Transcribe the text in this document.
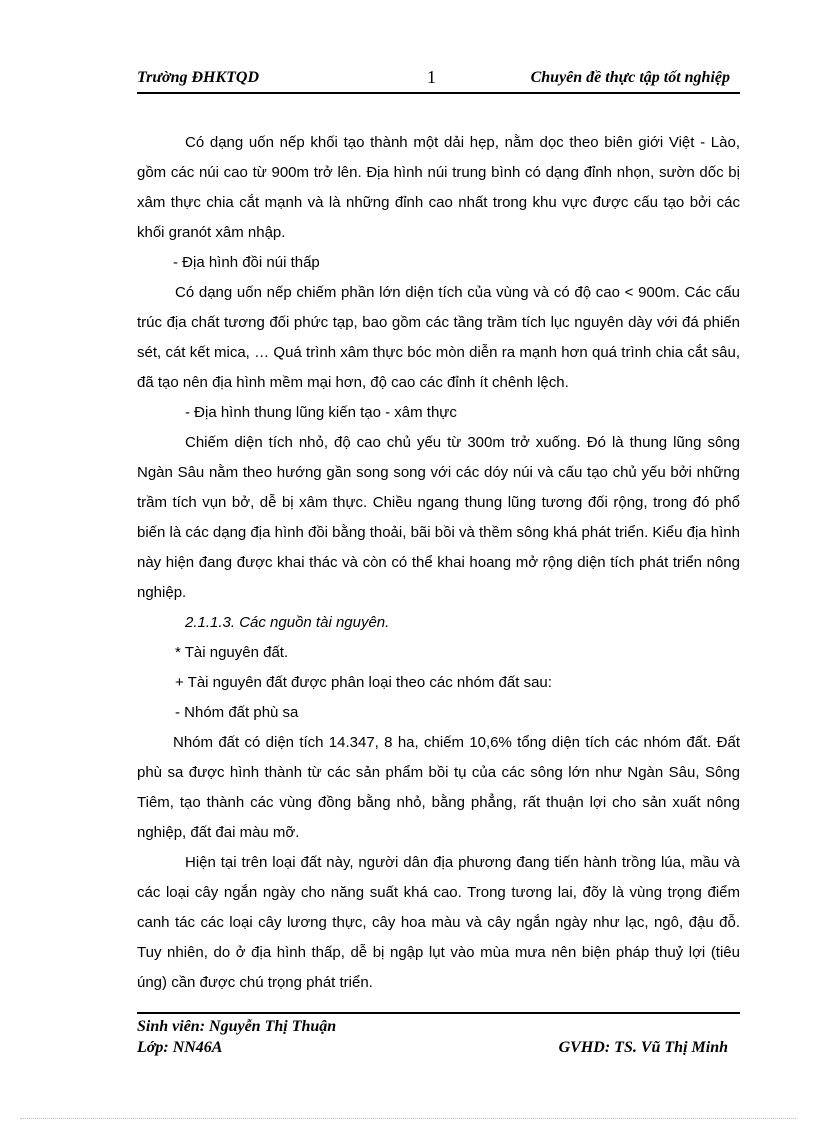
Trường ĐHKTQD	1	Chuyên đề thực tập tốt nghiệp

Có dạng uốn nếp khối tạo thành một dải hẹp, nằm dọc theo biên giới Việt - Lào, gồm các núi cao từ 900m trở lên. Địa hình núi trung bình có dạng đỉnh nhọn, sườn dốc bị xâm thực chia cắt mạnh và là những đỉnh cao nhất trong khu vực được cấu tạo bởi các khối granót xâm nhập.

- Địa hình đồi núi thấp

Có dạng uốn nếp chiếm phần lớn diện tích của vùng và có độ cao < 900m. Các cấu trúc địa chất tương đối phức tạp, bao gồm các tầng trầm tích lục nguyên dày với đá phiến sét, cát kết mica, … Quá trình xâm thực bóc mòn diễn ra mạnh hơn quá trình chia cắt sâu, đã tạo nên địa hình mềm mại hơn, độ cao các đỉnh ít chênh lệch.

- Địa hình thung lũng kiến tạo - xâm thực

Chiếm diện tích nhỏ, độ cao chủ yếu từ 300m trở xuống. Đó là thung lũng sông Ngàn Sâu nằm theo hướng gần song song với các dóy núi và cấu tạo chủ yếu bởi những trầm tích vụn bở, dễ bị xâm thực. Chiều ngang thung lũng tương đối rộng, trong đó phổ biến là các dạng địa hình đồi bằng thoải, bãi bồi và thềm sông khá phát triển. Kiểu địa hình này hiện đang được khai thác và còn có thể khai hoang mở rộng diện tích phát triển nông nghiệp.

2.1.1.3. Các nguồn tài nguyên.

* Tài nguyên đất.

+ Tài nguyên đất được phân loại theo các nhóm đất sau:

- Nhóm đất phù sa

Nhóm đất có diện tích 14.347, 8 ha, chiếm 10,6% tổng diện tích các nhóm đất. Đất phù sa được hình thành từ các sản phẩm bồi tụ của các sông lớn như Ngàn Sâu, Sông Tiêm, tạo thành các vùng đồng bằng nhỏ, bằng phẳng, rất thuận lợi cho sản xuất nông nghiệp, đất đai màu mỡ.

Hiện tại trên loại đất này, người dân địa phương đang tiến hành trồng lúa, mầu và các loại cây ngắn ngày cho năng suất khá cao. Trong tương lai, đõy là vùng trọng điểm canh tác các loại cây lương thực, cây hoa màu và cây ngắn ngày như lạc, ngô, đậu đỗ. Tuy nhiên, do ở địa hình thấp, dễ bị ngập lụt vào mùa mưa nên biện pháp thuỷ lợi (tiêu úng) cần được chú trọng phát triển.

Sinh viên: Nguyễn Thị Thuận
Lớp: NN46A	GVHD: TS. Vũ Thị Minh
